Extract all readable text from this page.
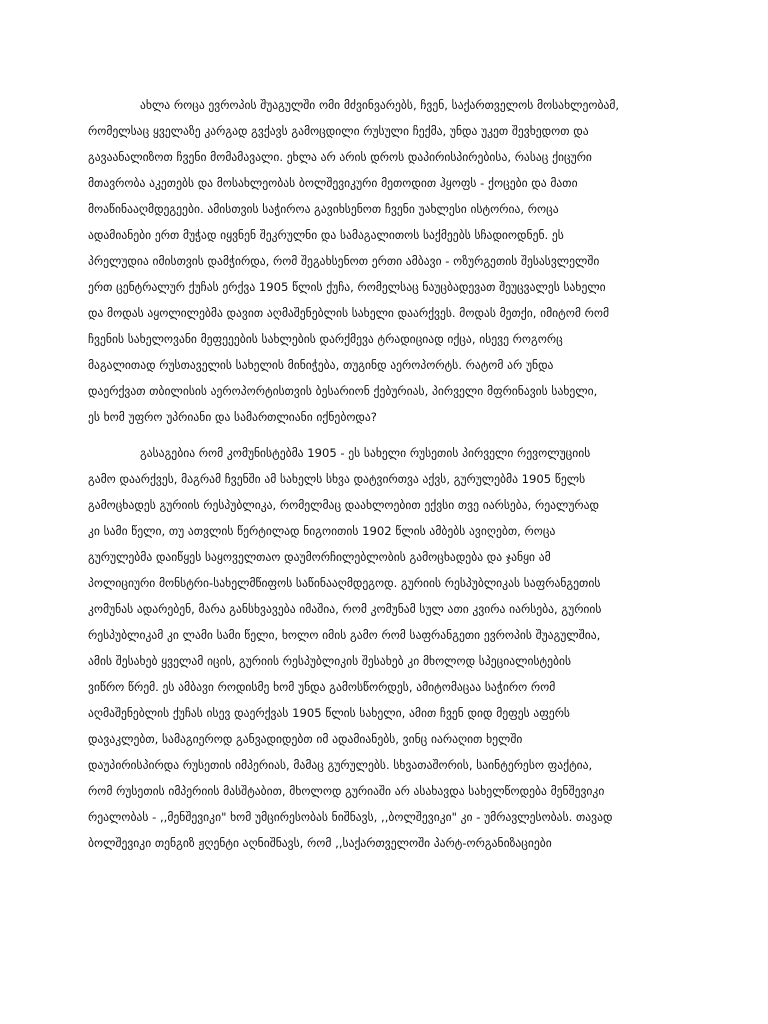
ახლა როცა ევროპის შუაგულში ომი მძვინვარებს, ჩვენ, საქართველოს მოსახლეობამ,
რომელსაც ყველაზე კარგად გვქავს გამოცდილი რუსული ჩექმა, უნდა უკეთ შევხედოთ და
გავაანალიზოთ ჩვენი მომამავალი. ეხლა არ არის დროს დაპირისპირებისა, რასაც ქიცური
მთავრობა აკეთებს და მოსახლეობას ბოლშევიკური მეთოდით ჰყოფს - ქოცები და მათი
მოაწინააღმდეგეები. ამისთვის საჭიროა გავიხსენოთ ჩვენი უახლესი ისტორია, როცა
ადამიანები ერთ მუჭად იყვნენ შეკრულნი და სამაგალითოს საქმეებს სჩადიოდნენ. ეს
პრელუდია იმისთვის დამჭირდა, რომ შეგახსენოთ ერთი ამბავი - ოზურგეთის შესასვლელში
ერთ ცენტრალურ ქუჩას ერქვა 1905 წლის ქუჩა, რომელსაც ნაუცბადევათ შეუცვალეს სახელი
და მოდას აყოლილებმა დავით აღმაშენებლის სახელი დაარქვეს. მოდას მეთქი, იმიტომ რომ
ჩვენის სახელოვანი მეფეეების სახლების დარქმევა ტრადიციად იქცა, ისევე როგორც
მაგალითად რუსთაველის სახელის მინიჭება, თუგინდ აეროპორტს. რატომ არ უნდა
დაერქვათ თბილისის აეროპორტისთვის ბესარიონ ქებურიას, პირველი მფრინავის სახელი,
ეს ხომ უფრო უპრიანი და სამართლიანი იქნებოდა?

გასაგებია რომ კომუნისტებმა 1905 - ეს სახელი რუსეთის პირველი რევოლუციის
გამო დაარქვეს, მაგრამ ჩვენში ამ სახელს სხვა დატვირთვა აქვს, გურულებმა 1905 წელს
გამოცხადეს გურიის რესპუბლიკა, რომელმაც დაახლოებით ექვსი თვე იარსება, რეალურად
კი სამი წელი, თუ ათვლის წერტილად ნიგოითის 1902 წლის ამბებს ავიღებთ, როცა
გურულებმა დაიწყეს საყოველთაო დაუმორჩილებლობის გამოცხადება და ჯანყი ამ
პოლიციური მონსტრი-სახელმწიფოს საწინააღმდეგოდ. გურიის რესპუბლიკას საფრანგეთის
კომუნას ადარებენ, მარა განსხვავება იმაშია, რომ კომუნამ სულ ათი კვირა იარსება, გურიის
რესპუბლიკამ კი ლამი სამი წელი, ხოლო იმის გამო რომ საფრანგეთი ევროპის შუაგულშია,
ამის შესახებ ყველამ იცის, გურიის რესპუბლიკის შესახებ კი მხოლოდ სპეციალისტების
ვიწრო წრემ. ეს ამბავი როდისმე ხომ უნდა გამოსწორდეს, ამიტომაცაა საჭირო რომ
აღმაშენებლის ქუჩას ისევ დაერქვას 1905 წლის სახელი, ამით ჩვენ დიდ მეფეს აფერს
დავაკლებთ, სამაგიეროდ განვადიდებთ იმ ადამიანებს, ვინც იარაღით ხელში
დაუპირისპირდა რუსეთის იმპერიას, მამაც გურულებს. სხვათაშორის, საინტერესო ფაქტია,
რომ რუსეთის იმპერიის მასშტაბით, მხოლოდ გურიაში არ ასახავდა სახელწოდება მენშევიკი
რეალობას - ,,მენშევიკი" ხომ უმცირესობას ნიშნავს, ,,ბოლშევიკი" კი - უმრავლესობას. თავად
ბოლშევიკი თენგიზ ჟღენტი აღნიშნავს, რომ ,,საქართველოში პარტ-ორგანიზაციები
